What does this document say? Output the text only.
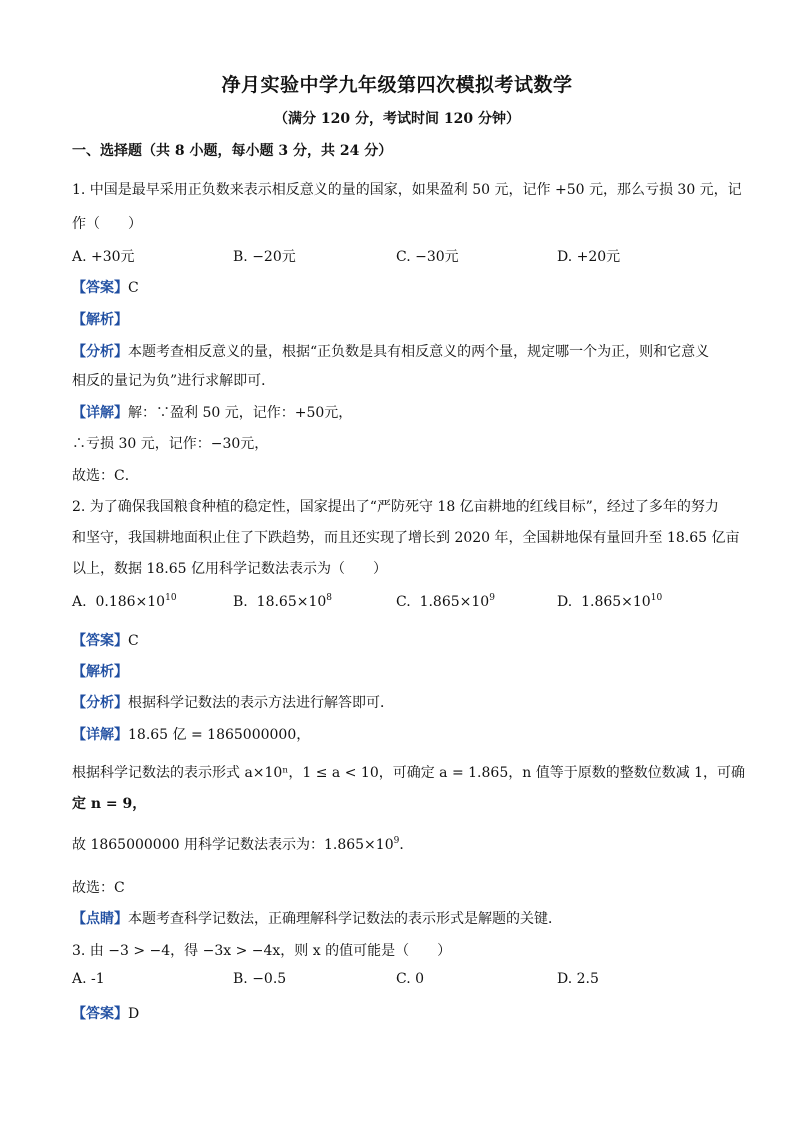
净月实验中学九年级第四次模拟考试数学
（满分 120 分，考试时间 120 分钟）
一、选择题（共 8 小题，每小题 3 分，共 24 分）
1. 中国是最早采用正负数来表示相反意义的量的国家，如果盈利 50 元，记作 +50 元，那么亏损 30 元，记
作（　　）
A. +30元	B. −20元	C. −30元	D. +20元
【答案】C
【解析】
【分析】本题考查相反意义的量，根据“正负数是具有相反意义的两个量，规定哪一个为正，则和它意义
相反的量记为负”进行求解即可．
【详解】解：∵盈利 50 元，记作：+50元，
∴亏损 30 元，记作：−30元，
故选：C．
2. 为了确保我国粮食种植的稳定性，国家提出了“严防死守 18 亿亩耕地的红线目标”，经过了多年的努力
和坚守，我国耕地面积止住了下跌趋势，而且还实现了增长到 2020 年，全国耕地保有量回升至 18.65 亿亩
以上，数据 18.65 亿用科学记数法表示为（　　）
A. $0.186\times 10^{10}$	B. $18.65\times 10^8$	C. $1.865\times 10^9$	D. $1.865\times 10^{10}$
【答案】C
【解析】
【分析】根据科学记数法的表示方法进行解答即可．
【详解】18.65 亿 = 1865000000，
根据科学记数法的表示形式 a×10ⁿ，1 ≤ a < 10，可确定 a = 1.865，n 值等于原数的整数位数减 1，可确
定 n = 9，
故 1865000000 用科学记数法表示为：$1.865\times 10^9$．
故选：C
【点睛】本题考查科学记数法，正确理解科学记数法的表示形式是解题的关键．
3. 由 −3 > −4，得 −3x > −4x，则 x 的值可能是（　　）
A. -1	B. −0.5	C. 0	D. 2.5
【答案】D
